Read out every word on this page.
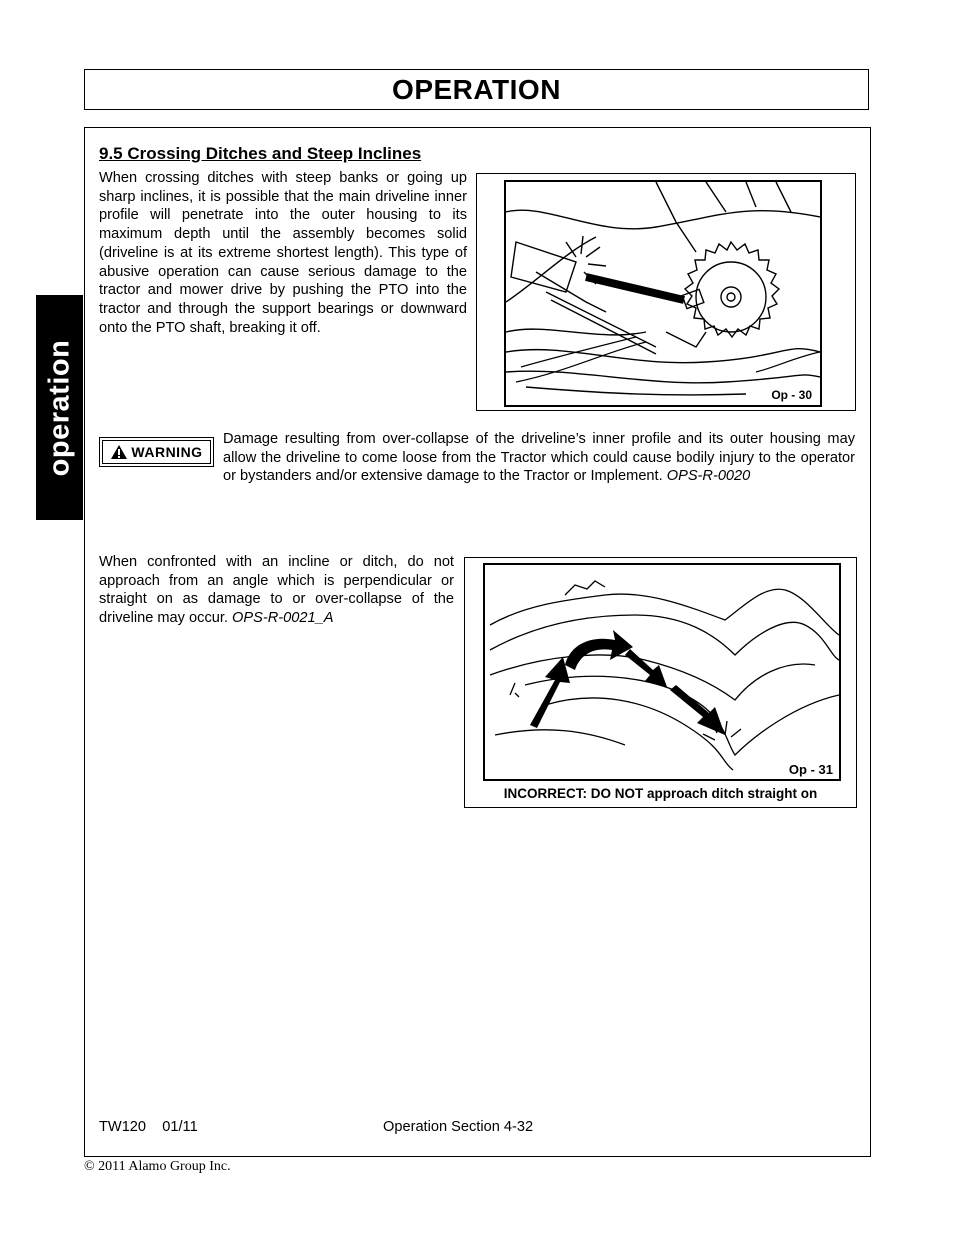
OPERATION
operation
9.5 Crossing Ditches and Steep Inclines
When crossing ditches with steep banks or going up sharp inclines, it is possible that the main driveline inner profile will penetrate into the outer housing to its maximum depth until the assembly becomes solid (driveline is at its extreme shortest length). This type of abusive operation can cause serious damage to the tractor and mower drive by pushing the PTO into the tractor and through the support bearings or downward onto the PTO shaft, breaking it off.
Op - 30
WARNING
Damage resulting from over-collapse of the driveline’s inner profile and its outer housing may allow the driveline to come loose from the Tractor which could cause bodily injury to the operator or bystanders and/or extensive damage to the Tractor or Implement. OPS-R-0020
When confronted with an incline or ditch, do not approach from an angle which is perpendicular or straight on as damage to or over-collapse of the driveline may occur. OPS-R-0021_A
Op - 31
INCORRECT: DO NOT approach ditch straight on
TW120    01/11	Operation Section 4-32
© 2011 Alamo Group Inc.
